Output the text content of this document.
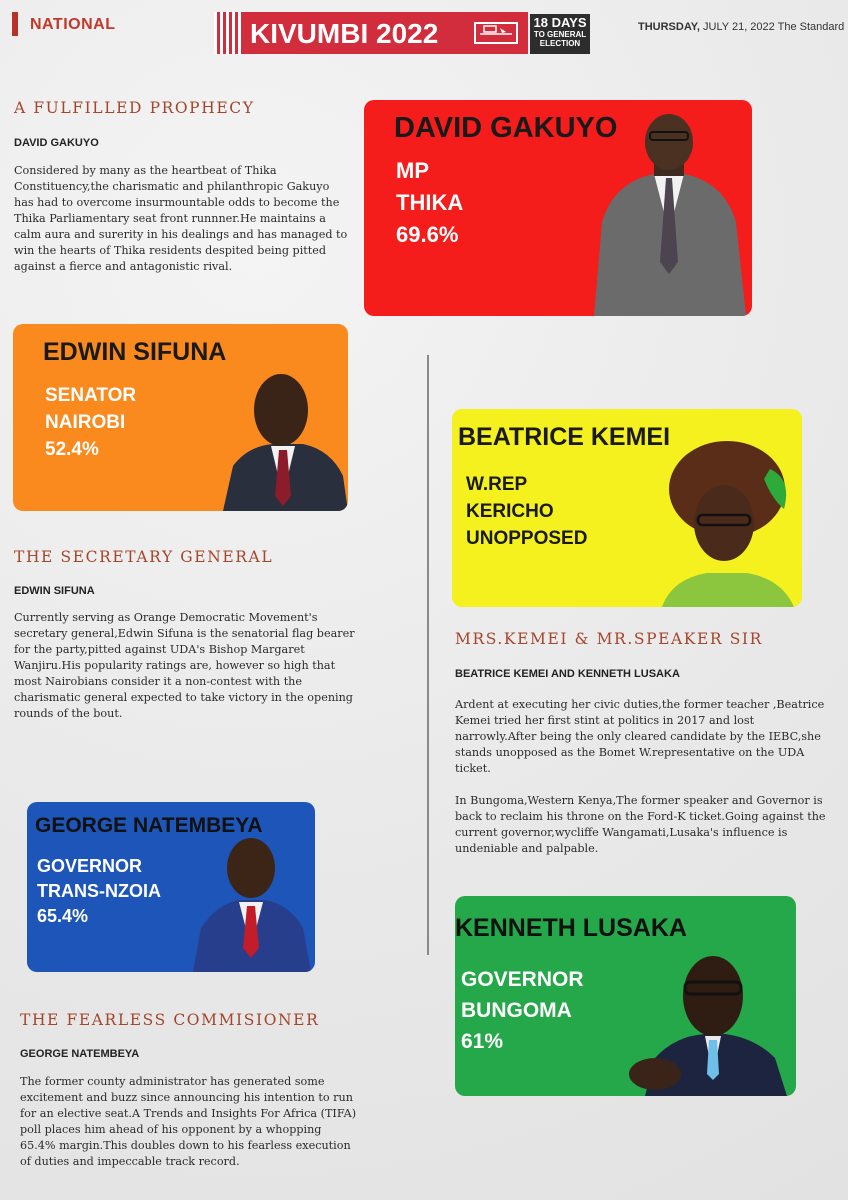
NATIONAL	KIVUMBI 2022	18 DAYS
TO GENERAL
ELECTION
THURSDAY, JULY 21, 2022 The Standard
A FULFILLED PROPHECY
DAVID GAKUYO
Considered by many as the heartbeat of Thika Constituency,the charismatic and philanthropic Gakuyo has had to overcome insurmountable odds to become the Thika Parliamentary seat front runnner.He maintains a calm aura and surerity in his dealings and has managed to win the hearts of Thika residents despited being pitted against a fierce and antagonistic rival.
DAVID GAKUYO
MP
THIKA
69.6%
EDWIN SIFUNA
SENATOR
NAIROBI
52.4%
THE SECRETARY GENERAL
EDWIN SIFUNA
Currently serving as Orange Democratic Movement's secretary general,Edwin Sifuna is the senatorial flag bearer for the party,pitted against UDA's Bishop Margaret Wanjiru.His popularity ratings are, however so high that most Nairobians consider it a non-contest with the charismatic general expected to take victory in the opening rounds of the bout.
BEATRICE KEMEI
W.REP
KERICHO
UNOPPOSED
MRS.KEMEI & MR.SPEAKER SIR
BEATRICE KEMEI AND KENNETH LUSAKA
Ardent at executing her civic duties,the former teacher ,Beatrice Kemei tried her first stint at politics in 2017 and lost narrowly.After being the only cleared candidate by the IEBC,she stands unopposed as the Bomet W.representative on the UDA ticket.
In Bungoma,Western Kenya,The former speaker and Governor is back to reclaim his throne on the Ford-K ticket.Going against the current governor,wycliffe Wangamati,Lusaka's influence is undeniable and palpable.
GEORGE NATEMBEYA
GOVERNOR
TRANS-NZOIA
65.4%
THE FEARLESS COMMISIONER
GEORGE NATEMBEYA
The former county administrator has generated some excitement and buzz since announcing his intention to run for an elective seat.A Trends and Insights For Africa (TIFA) poll places him ahead of his opponent by a whopping 65.4% margin.This doubles down to his fearless execution of duties and impeccable track record.
KENNETH LUSAKA
GOVERNOR
BUNGOMA
61%
